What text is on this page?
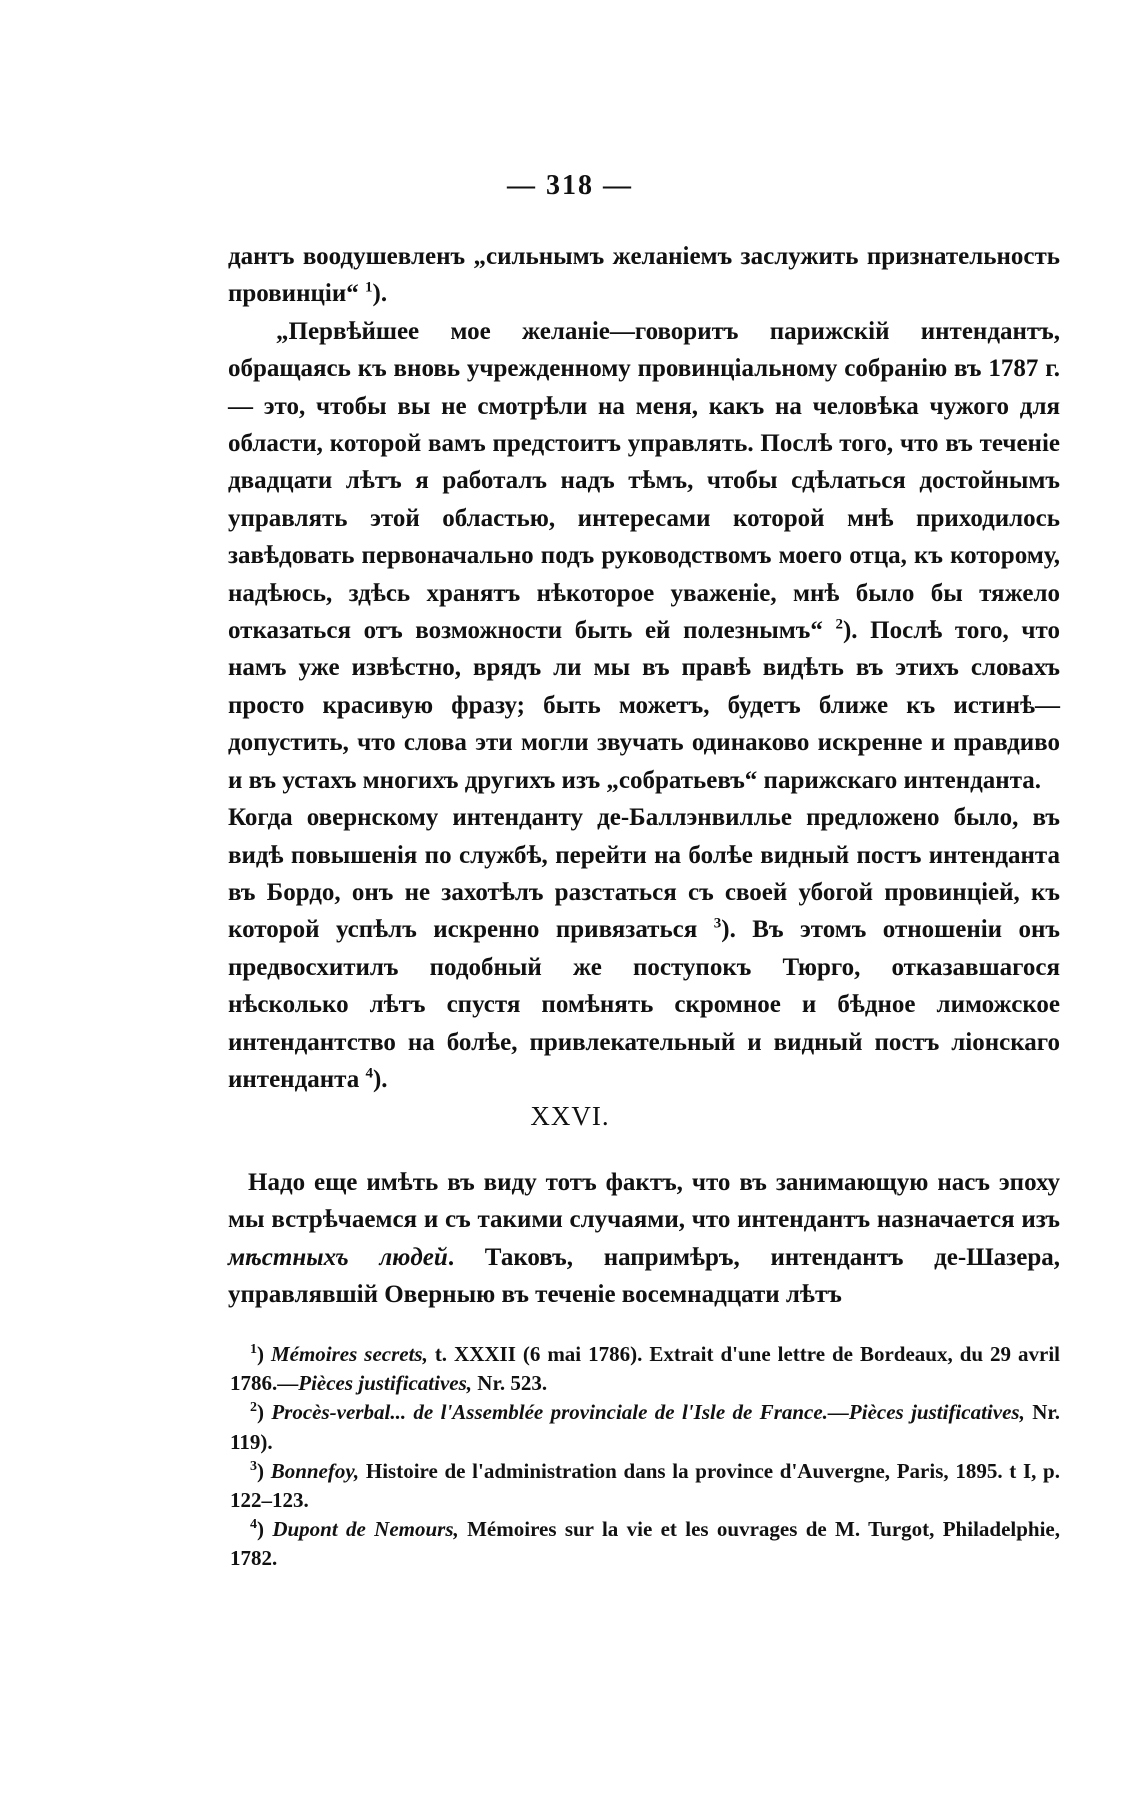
— 318 —

дантъ воодушевленъ „сильнымъ желаніемъ заслужить признательность провинціи“ $^1$).

„Первѣйшее мое желаніе—говоритъ парижскій интендантъ, обращаясь къ вновь учрежденному провинціальному собранію въ 1787 г.— это, чтобы вы не смотрѣли на меня, какъ на человѣка чужого для области, которой вамъ предстоитъ управлять. Послѣ того, что въ теченіе двадцати лѣтъ я работалъ надъ тѣмъ, чтобы сдѣлаться достойнымъ управлять этой областью, интересами которой мнѣ приходилось завѣдовать первоначально подъ руководствомъ моего отца, къ которому, надѣюсь, здѣсь хранятъ нѣкоторое уваженіе, мнѣ было бы тяжело отказаться отъ возможности быть ей полезнымъ“ $^2$). Послѣ того, что намъ уже извѣстно, врядъ ли мы въ правѣ видѣть въ этихъ словахъ просто красивую фразу; быть можетъ, будетъ ближе къ истинѣ—допустить, что слова эти могли звучать одинаково искренне и правдиво и въ устахъ многихъ другихъ изъ „собратьевъ“ парижскаго интенданта.

Когда овернскому интенданту де-Баллэнвиллье предложено было, въ видѣ повышенія по службѣ, перейти на болѣе видный постъ интенданта въ Бордо, онъ не захотѣлъ разстаться съ своей убогой провинціей, къ которой успѣлъ искренно привязаться $^3$). Въ этомъ отношеніи онъ предвосхитилъ подобный же поступокъ Тюрго, отказавшагося нѣсколько лѣтъ спустя помѣнять скромное и бѣдное лиможское интендантство на болѣе, привлекательный и видный постъ ліонскаго интенданта $^4$).

XXVI.

Надо еще имѣть въ виду тотъ фактъ, что въ занимающую насъ эпоху мы встрѣчаемся и съ такими случаями, что интендантъ назначается изъ мѣстныхъ людей. Таковъ, напримѣръ, интендантъ де-Шазера, управлявшій Оверныю въ теченіе восемнадцати лѣтъ

$^1$) Mémoires secrets, t. XXXII (6 mai 1786). Extrait d'une lettre de Bordeaux, du 29 avril 1786.—Pièces justificatives, Nr. 523.

$^2$) Procès-verbal... de l'Assemblée provinciale de l'Isle de France.—Pièces justificatives, Nr. 119).

$^3$) Bonnefoy, Histoire de l'administration dans la province d'Auvergne, Paris, 1895. t I, p. 122–123.

$^4$) Dupont de Nemours, Mémoires sur la vie et les ouvrages de M. Turgot, Philadelphie, 1782.
